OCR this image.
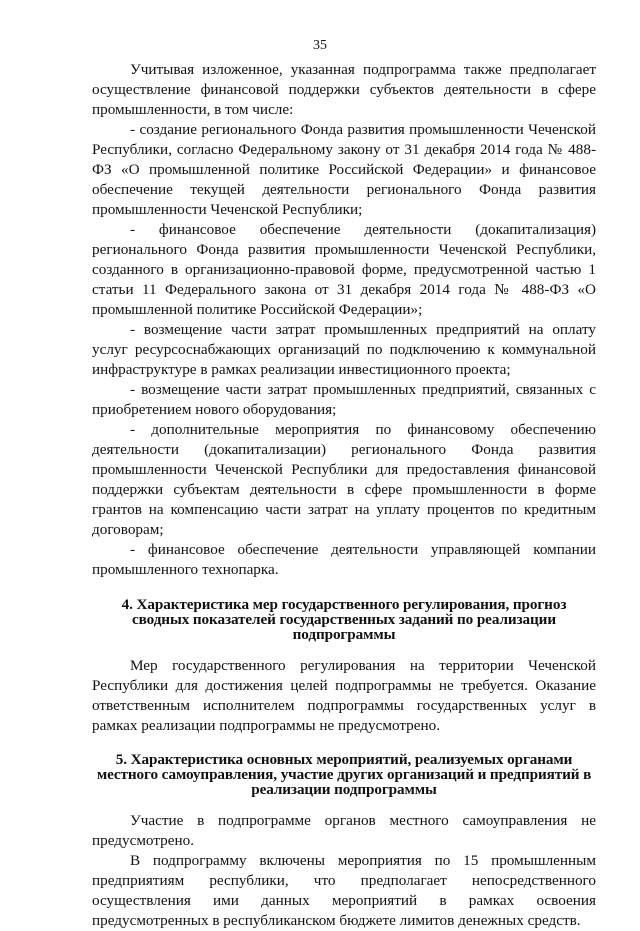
35

Учитывая изложенное, указанная подпрограмма также предполагает осуществление финансовой поддержки субъектов деятельности в сфере промышленности, в том числе:

- создание регионального Фонда развития промышленности Чеченской Республики, согласно Федеральному закону от 31 декабря 2014 года № 488-ФЗ «О промышленной политике Российской Федерации» и финансовое обеспечение текущей деятельности регионального Фонда развития промышленности Чеченской Республики;

- финансовое обеспечение деятельности (докапитализация) регионального Фонда развития промышленности Чеченской Республики, созданного в организационно-правовой форме, предусмотренной частью 1 статьи 11 Федерального закона от 31 декабря 2014 года № 488-ФЗ «О промышленной политике Российской Федерации»;

- возмещение части затрат промышленных предприятий на оплату услуг ресурсоснабжающих организаций по подключению к коммунальной инфраструктуре в рамках реализации инвестиционного проекта;

- возмещение части затрат промышленных предприятий, связанных с приобретением нового оборудования;

- дополнительные мероприятия по финансовому обеспечению деятельности (докапитализации) регионального Фонда развития промышленности Чеченской Республики для предоставления финансовой поддержки субъектам деятельности в сфере промышленности в форме грантов на компенсацию части затрат на уплату процентов по кредитным договорам;

- финансовое обеспечение деятельности управляющей компании промышленного технопарка.

4. Характеристика мер государственного регулирования, прогноз сводных показателей государственных заданий по реализации подпрограммы

Мер государственного регулирования на территории Чеченской Республики для достижения целей подпрограммы не требуется. Оказание ответственным исполнителем подпрограммы государственных услуг в рамках реализации подпрограммы не предусмотрено.

5. Характеристика основных мероприятий, реализуемых органами местного самоуправления, участие других организаций и предприятий в реализации подпрограммы

Участие в подпрограмме органов местного самоуправления не предусмотрено.

В подпрограмму включены мероприятия по 15 промышленным предприятиям республики, что предполагает непосредственного осуществления ими данных мероприятий в рамках освоения предусмотренных в республиканском бюджете лимитов денежных средств.
